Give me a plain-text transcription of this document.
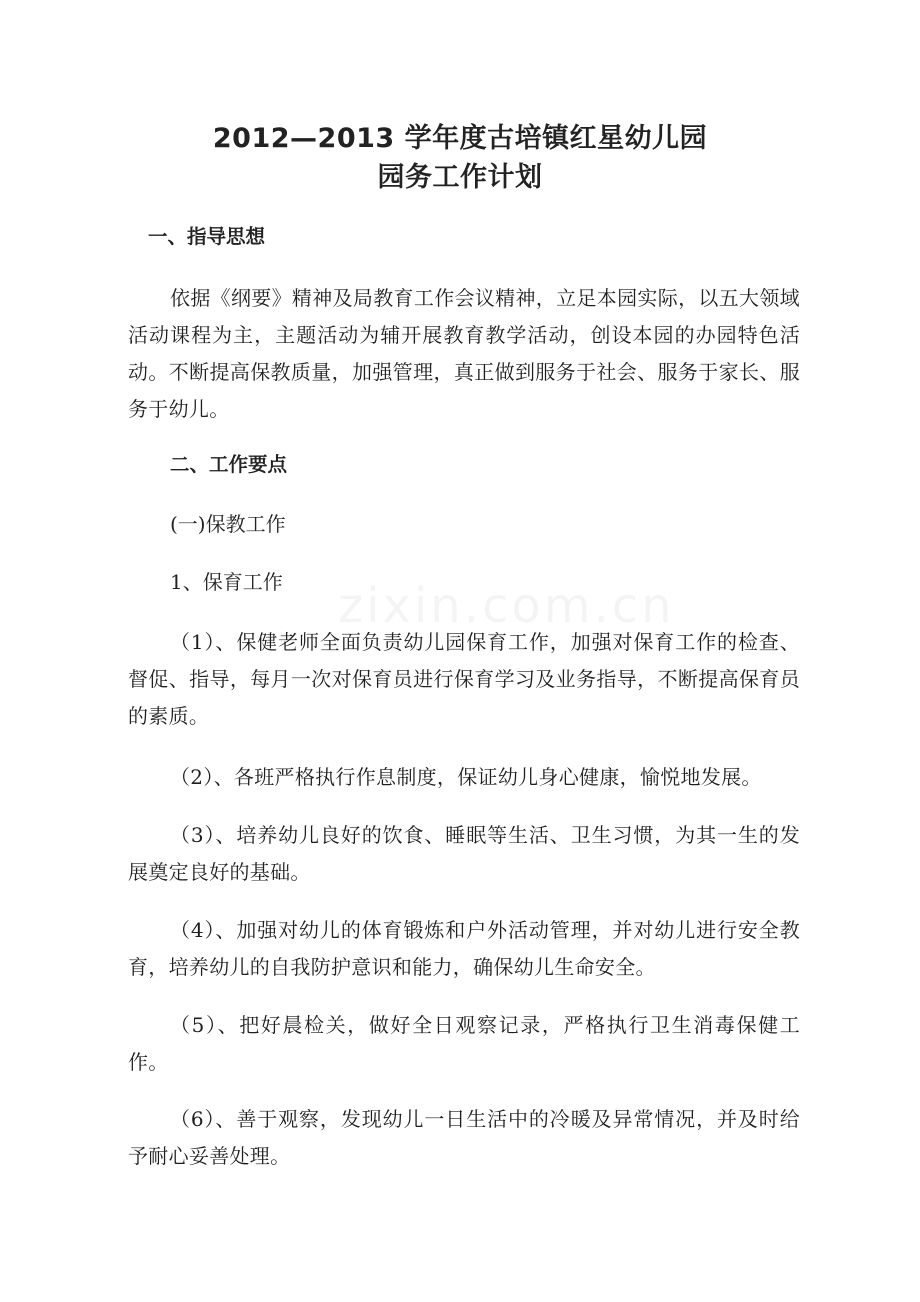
2012—2013 学年度古培镇红星幼儿园
园务工作计划
一、指导思想
依据《纲要》精神及局教育工作会议精神，立足本园实际，以五大领域活动课程为主，主题活动为辅开展教育教学活动，创设本园的办园特色活动。不断提高保教质量，加强管理，真正做到服务于社会、服务于家长、服务于幼儿。
二、工作要点
(一)保教工作
1、保育工作
（1）、保健老师全面负责幼儿园保育工作，加强对保育工作的检查、督促、指导，每月一次对保育员进行保育学习及业务指导，不断提高保育员的素质。
（2）、各班严格执行作息制度，保证幼儿身心健康，愉悦地发展。
（3）、培养幼儿良好的饮食、睡眠等生活、卫生习惯，为其一生的发展奠定良好的基础。
（4）、加强对幼儿的体育锻炼和户外活动管理，并对幼儿进行安全教育，培养幼儿的自我防护意识和能力，确保幼儿生命安全。
（5）、把好晨检关，做好全日观察记录，严格执行卫生消毒保健工作。
（6）、善于观察，发现幼儿一日生活中的冷暖及异常情况，并及时给予耐心妥善处理。
